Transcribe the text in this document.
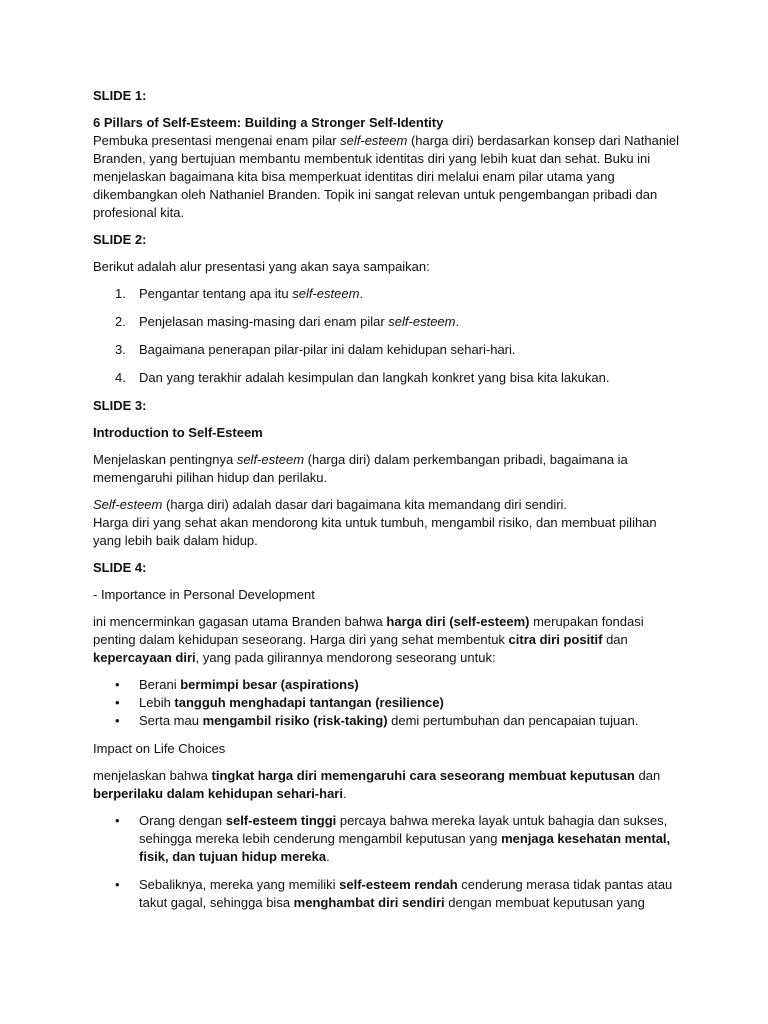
SLIDE 1:

6 Pillars of Self-Esteem: Building a Stronger Self-Identity

Pembuka presentasi mengenai enam pilar self-esteem (harga diri) berdasarkan konsep dari Nathaniel Branden, yang bertujuan membantu membentuk identitas diri yang lebih kuat dan sehat. Buku ini menjelaskan bagaimana kita bisa memperkuat identitas diri melalui enam pilar utama yang dikembangkan oleh Nathaniel Branden. Topik ini sangat relevan untuk pengembangan pribadi dan profesional kita.

SLIDE 2:

Berikut adalah alur presentasi yang akan saya sampaikan:

1. Pengantar tentang apa itu self-esteem.
2. Penjelasan masing-masing dari enam pilar self-esteem.
3. Bagaimana penerapan pilar-pilar ini dalam kehidupan sehari-hari.
4. Dan yang terakhir adalah kesimpulan dan langkah konkret yang bisa kita lakukan.

SLIDE 3:

Introduction to Self-Esteem

Menjelaskan pentingnya self-esteem (harga diri) dalam perkembangan pribadi, bagaimana ia memengaruhi pilihan hidup dan perilaku.

Self-esteem (harga diri) adalah dasar dari bagaimana kita memandang diri sendiri.
Harga diri yang sehat akan mendorong kita untuk tumbuh, mengambil risiko, dan membuat pilihan yang lebih baik dalam hidup.

SLIDE 4:

- Importance in Personal Development

ini mencerminkan gagasan utama Branden bahwa harga diri (self-esteem) merupakan fondasi penting dalam kehidupan seseorang. Harga diri yang sehat membentuk citra diri positif dan kepercayaan diri, yang pada gilirannya mendorong seseorang untuk:

• Berani bermimpi besar (aspirations)
• Lebih tangguh menghadapi tantangan (resilience)
• Serta mau mengambil risiko (risk-taking) demi pertumbuhan dan pencapaian tujuan.

Impact on Life Choices

menjelaskan bahwa tingkat harga diri memengaruhi cara seseorang membuat keputusan dan berperilaku dalam kehidupan sehari-hari.

• Orang dengan self-esteem tinggi percaya bahwa mereka layak untuk bahagia dan sukses, sehingga mereka lebih cenderung mengambil keputusan yang menjaga kesehatan mental, fisik, dan tujuan hidup mereka.
• Sebaliknya, mereka yang memiliki self-esteem rendah cenderung merasa tidak pantas atau takut gagal, sehingga bisa menghambat diri sendiri dengan membuat keputusan yang
